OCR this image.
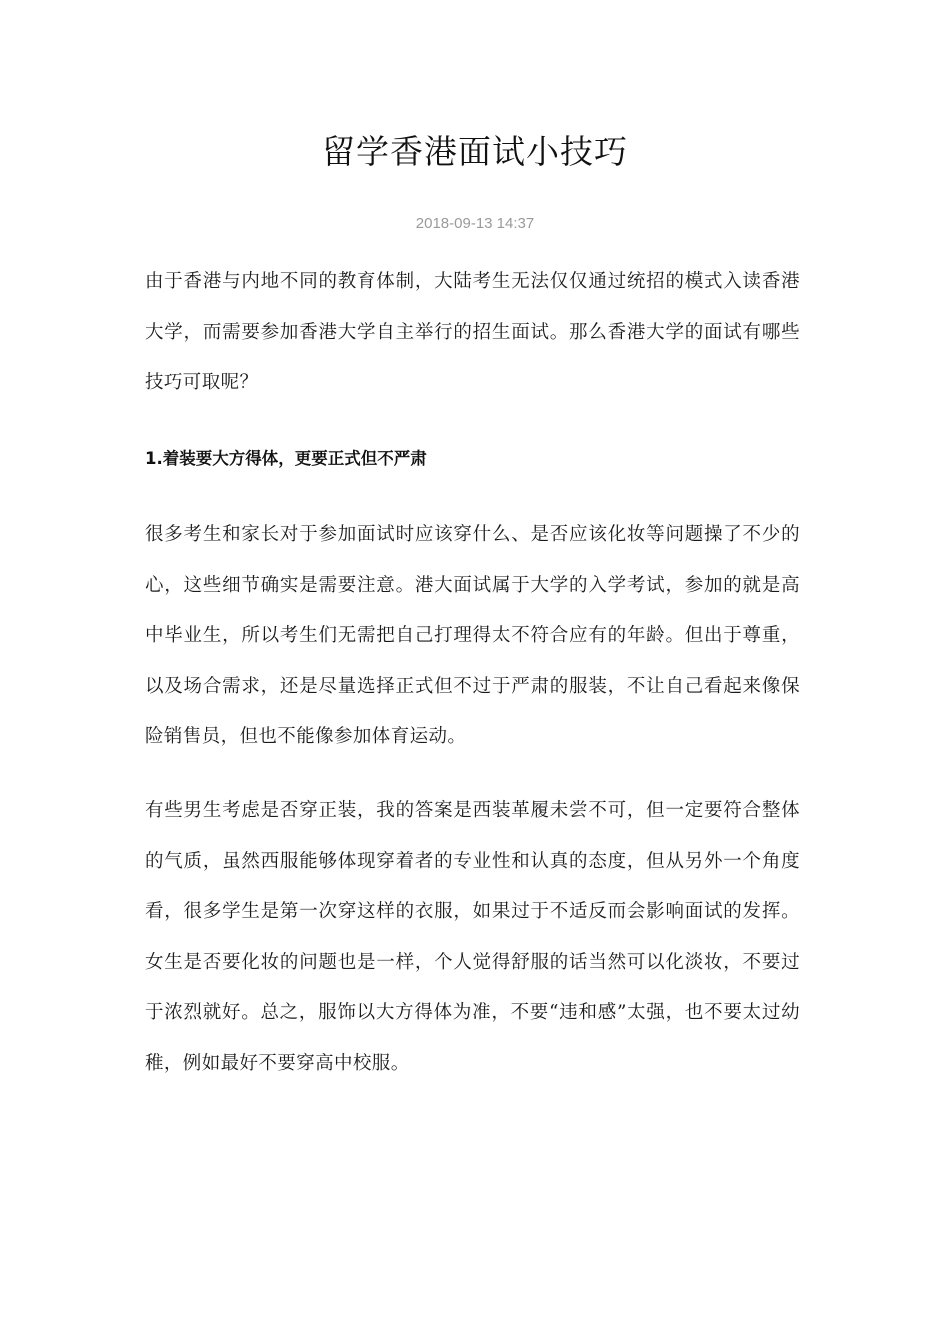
留学香港面试小技巧
2018-09-13 14:37

由于香港与内地不同的教育体制，大陆考生无法仅仅通过统招的模式入读香港大学，而需要参加香港大学自主举行的招生面试。那么香港大学的面试有哪些技巧可取呢？

1.着装要大方得体，更要正式但不严肃

很多考生和家长对于参加面试时应该穿什么、是否应该化妆等问题操了不少的心，这些细节确实是需要注意。港大面试属于大学的入学考试，参加的就是高中毕业生，所以考生们无需把自己打理得太不符合应有的年龄。但出于尊重，以及场合需求，还是尽量选择正式但不过于严肃的服装，不让自己看起来像保险销售员，但也不能像参加体育运动。

有些男生考虑是否穿正装，我的答案是西装革履未尝不可，但一定要符合整体的气质，虽然西服能够体现穿着者的专业性和认真的态度，但从另外一个角度看，很多学生是第一次穿这样的衣服，如果过于不适反而会影响面试的发挥。女生是否要化妆的问题也是一样，个人觉得舒服的话当然可以化淡妆，不要过于浓烈就好。总之，服饰以大方得体为准，不要“违和感”太强，也不要太过幼稚，例如最好不要穿高中校服。
